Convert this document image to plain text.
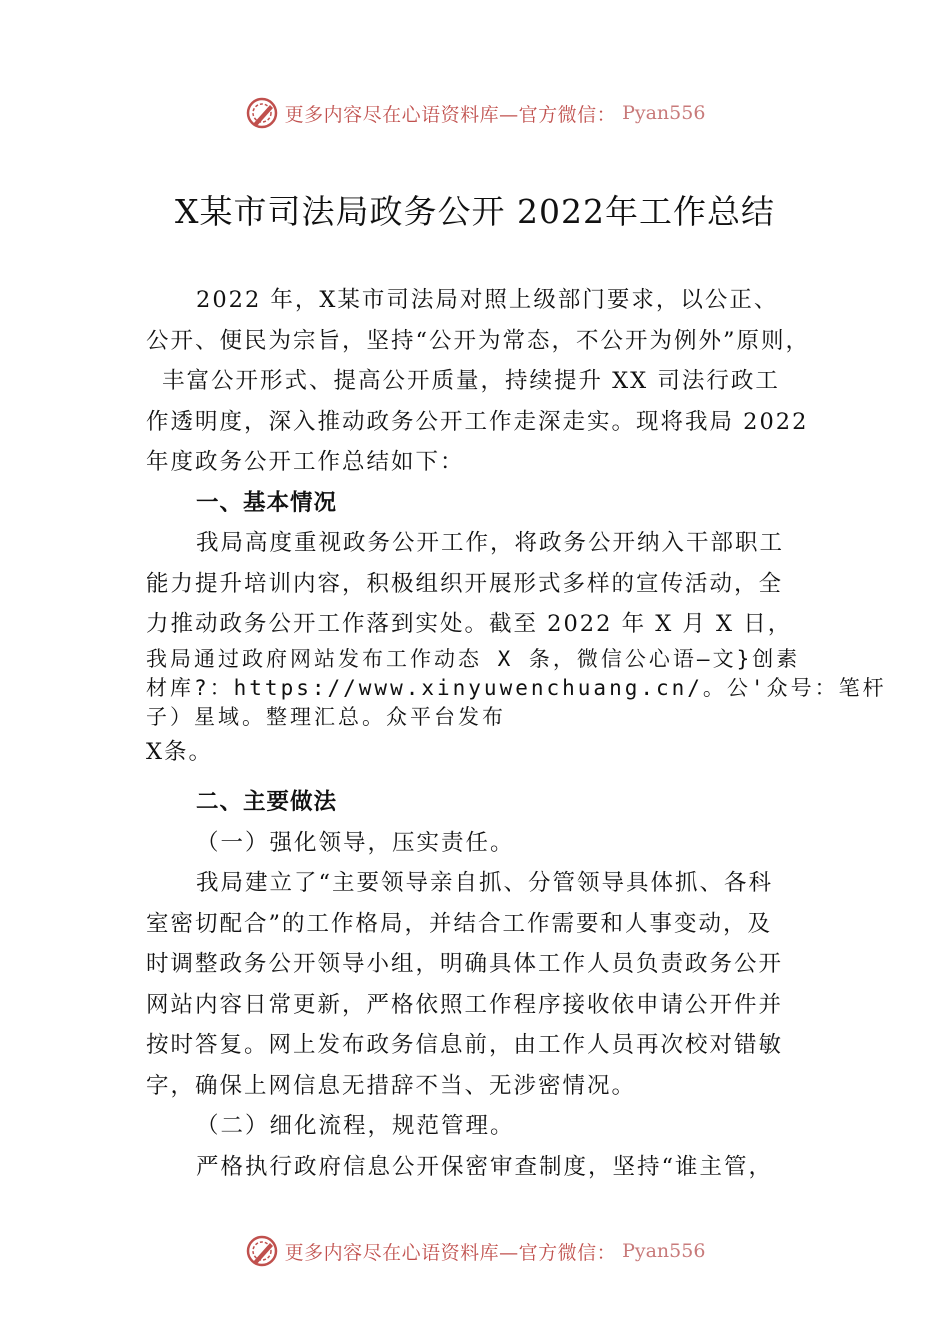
更多内容尽在心语资料库—官方微信： Pyan556
X某市司法局政务公开 2022年工作总结
2022 年，X某市司法局对照上级部门要求，以公正、
公开、便民为宗旨，坚持“公开为常态，不公开为例外”原则，
丰富公开形式、提高公开质量，持续提升 XX 司法行政工
作透明度，深入推动政务公开工作走深走实。现将我局 2022
年度政务公开工作总结如下：
一、基本情况
我局高度重视政务公开工作，将政务公开纳入干部职工
能力提升培训内容，积极组织开展形式多样的宣传活动，全
力推动政务公开工作落到实处。截至 2022 年 X 月 X 日，
我局通过政府网站发布工作动态 X 条，微信公心语—文}创素
材库?：https://www.xinyuwenchuang.cn/。公'众号：笔杆
子）星域。整理汇总。众平台发布
X条。
二、主要做法
（一）强化领导，压实责任。
我局建立了“主要领导亲自抓、分管领导具体抓、各科
室密切配合”的工作格局，并结合工作需要和人事变动，及
时调整政务公开领导小组，明确具体工作人员负责政务公开
网站内容日常更新，严格依照工作程序接收依申请公开件并
按时答复。网上发布政务信息前，由工作人员再次校对错敏
字，确保上网信息无措辞不当、无涉密情况。
（二）细化流程，规范管理。
严格执行政府信息公开保密审查制度，坚持“谁主管，
更多内容尽在心语资料库—官方微信： Pyan556
